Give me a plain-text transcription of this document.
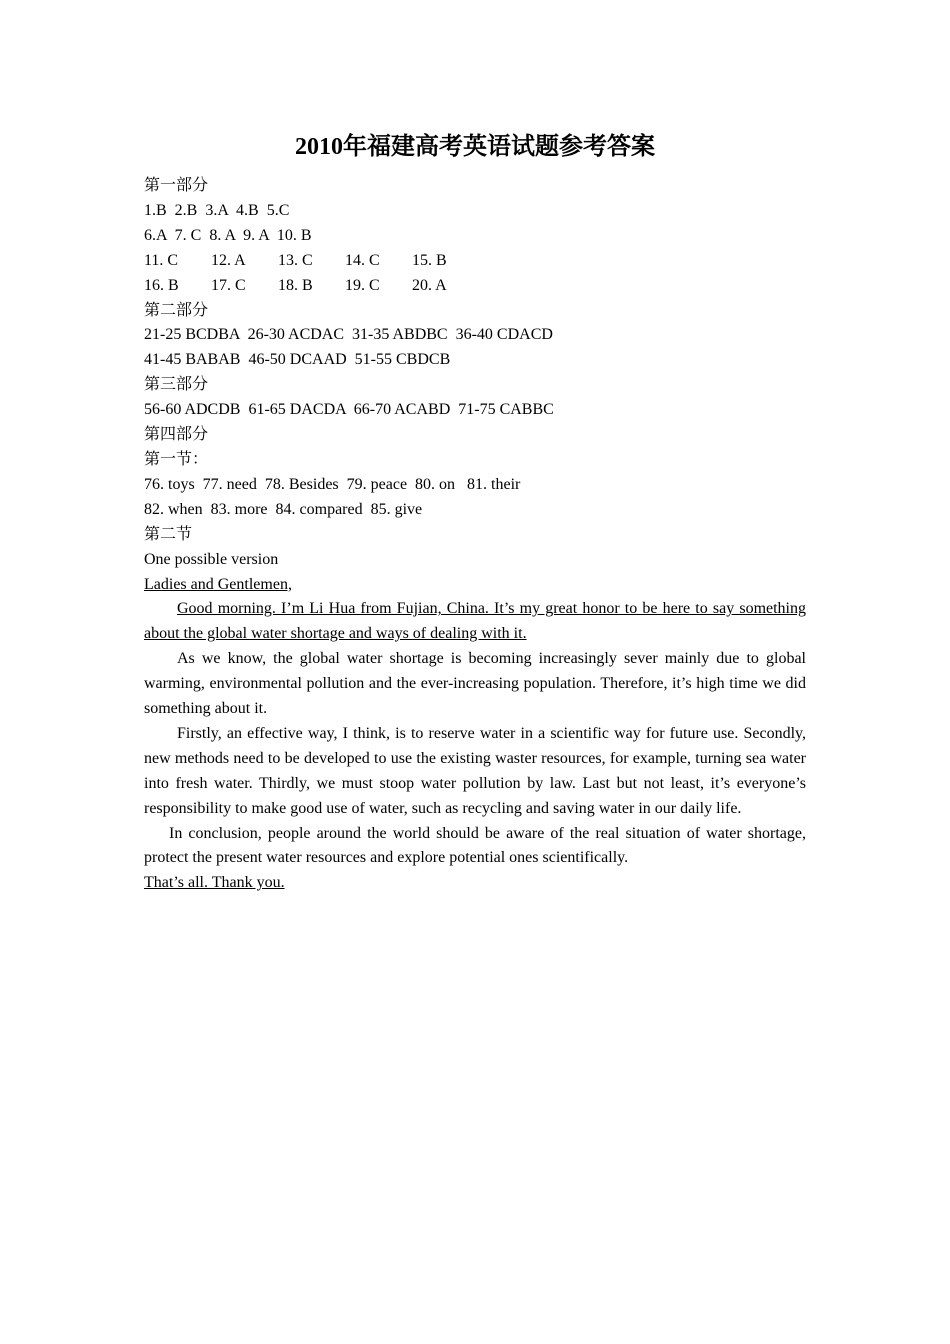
2010年福建高考英语试题参考答案

第一部分

1.B  2.B  3.A  4.B  5.C

6.A  7. C  8. A  9. A  10. B

11. C	12. A	13. C	14. C	15. B
16. B	17. C	18. B	19. C	20. A

第二部分

21-25 BCDBA  26-30 ACDAC  31-35 ABDBC  36-40 CDACD

41-45 BABAB  46-50 DCAAD  51-55 CBDCB

第三部分

56-60 ADCDB  61-65 DACDA  66-70 ACABD  71-75 CABBC

第四部分

第一节：

76. toys  77. need  78. Besides  79. peace  80. on   81. their

82. when  83. more  84. compared  85. give

第二节

One possible version

Ladies and Gentlemen,

Good morning. I’m Li Hua from Fujian, China. It’s my great honor to be here to say something about the global water shortage and ways of dealing with it.

As we know, the global water shortage is becoming increasingly sever mainly due to global warming, environmental pollution and the ever-increasing population. Therefore, it’s high time we did something about it.

Firstly, an effective way, I think, is to reserve water in a scientific way for future use. Secondly, new methods need to be developed to use the existing waster resources, for example, turning sea water into fresh water. Thirdly, we must stoop water pollution by law. Last but not least, it’s everyone’s responsibility to make good use of water, such as recycling and saving water in our daily life.

In conclusion, people around the world should be aware of the real situation of water shortage, protect the present water resources and explore potential ones scientifically.

That’s all. Thank you.
